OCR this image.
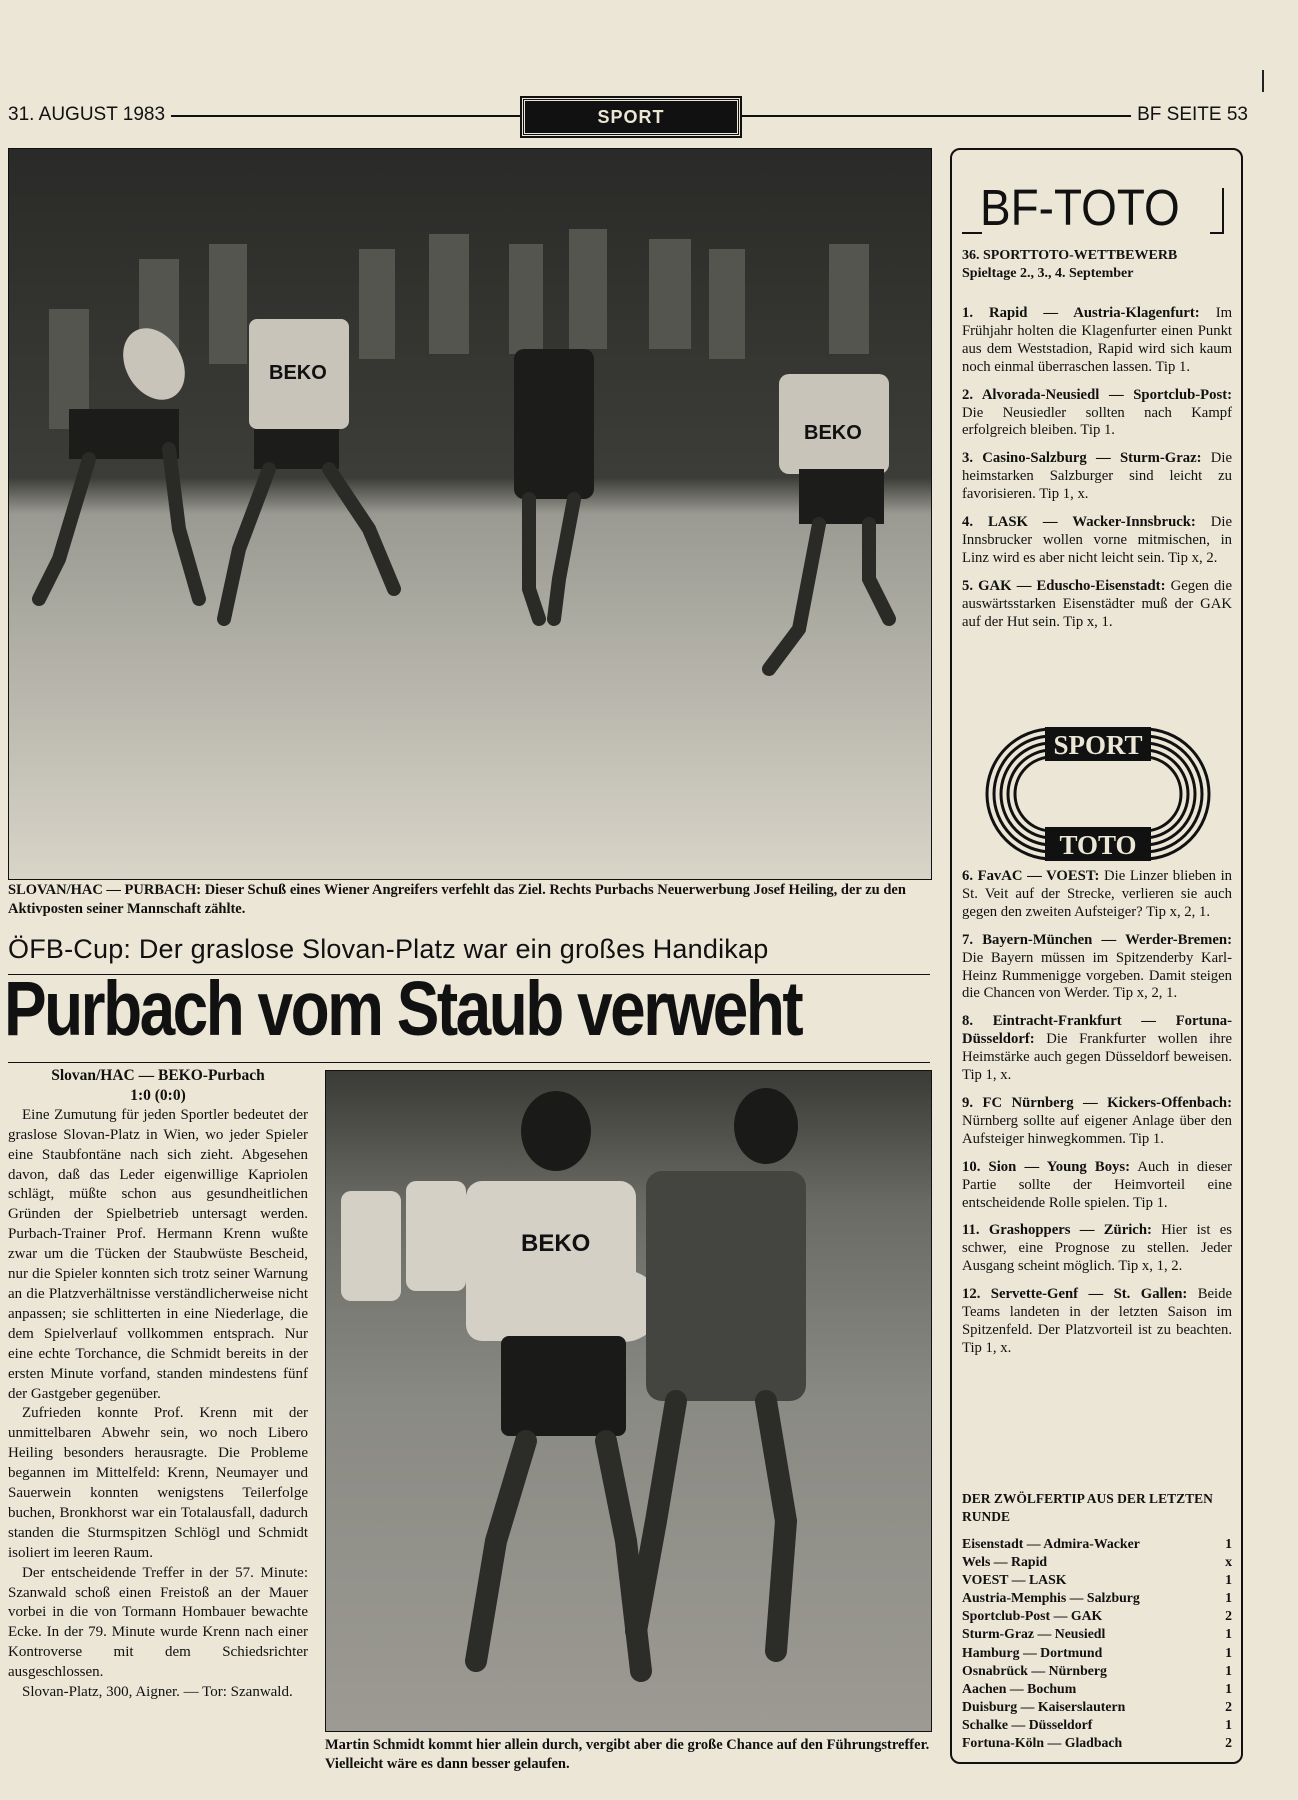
31. AUGUST 1983	SPORT	BF SEITE 53
BEKO
BEKO
SLOVAN/HAC — PURBACH: Dieser Schuß eines Wiener Angreifers verfehlt das Ziel. Rechts Purbachs Neuerwerbung Josef Heiling, der zu den Aktivposten seiner Mannschaft zählte.
ÖFB-Cup: Der graslose Slovan-Platz war ein großes Handikap
Purbach vom Staub verweht
Slovan/HAC — BEKO-Purbach
1:0 (0:0)

Eine Zumutung für jeden Sportler bedeutet der graslose Slovan-Platz in Wien, wo jeder Spieler eine Staubfontäne nach sich zieht. Abgesehen davon, daß das Leder eigenwillige Kapriolen schlägt, müßte schon aus gesundheitlichen Gründen der Spielbetrieb untersagt werden. Purbach-Trainer Prof. Hermann Krenn wußte zwar um die Tücken der Staubwüste Bescheid, nur die Spieler konnten sich trotz seiner Warnung an die Platzverhältnisse verständlicherweise nicht anpassen; sie schlitterten in eine Niederlage, die dem Spielverlauf vollkommen entsprach. Nur eine echte Torchance, die Schmidt bereits in der ersten Minute vorfand, standen mindestens fünf der Gastgeber gegenüber.

Zufrieden konnte Prof. Krenn mit der unmittelbaren Abwehr sein, wo noch Libero Heiling besonders herausragte. Die Probleme begannen im Mittelfeld: Krenn, Neumayer und Sauerwein konnten wenigstens Teilerfolge buchen, Bronkhorst war ein Totalausfall, dadurch standen die Sturmspitzen Schlögl und Schmidt isoliert im leeren Raum.

Der entscheidende Treffer in der 57. Minute: Szanwald schoß einen Freistoß an der Mauer vorbei in die von Tormann Hombauer bewachte Ecke. In der 79. Minute wurde Krenn nach einer Kontroverse mit dem Schiedsrichter ausgeschlossen.

Slovan-Platz, 300, Aigner. — Tor: Szanwald.

BEKO
Martin Schmidt kommt hier allein durch, vergibt aber die große Chance auf den Führungstreffer. Vielleicht wäre es dann besser gelaufen.
BF-TOTO
36. SPORTTOTO-WETTBEWERB
Spieltage 2., 3., 4. September

1. Rapid — Austria-Klagenfurt: Im Frühjahr holten die Klagenfurter einen Punkt aus dem Weststadion, Rapid wird sich kaum noch einmal überraschen lassen. Tip 1.

2. Alvorada-Neusiedl — Sportclub-Post: Die Neusiedler sollten nach Kampf erfolgreich bleiben. Tip 1.

3. Casino-Salzburg — Sturm-Graz: Die heimstarken Salzburger sind leicht zu favorisieren. Tip 1, x.

4. LASK — Wacker-Innsbruck: Die Innsbrucker wollen vorne mitmischen, in Linz wird es aber nicht leicht sein. Tip x, 2.

5. GAK — Eduscho-Eisenstadt: Gegen die auswärtsstarken Eisenstädter muß der GAK auf der Hut sein. Tip x, 1.

SPORT
TOTO

6. FavAC — VOEST: Die Linzer blieben in St. Veit auf der Strecke, verlieren sie auch gegen den zweiten Aufsteiger? Tip x, 2, 1.

7. Bayern-München — Werder-Bremen: Die Bayern müssen im Spitzenderby Karl-Heinz Rummenigge vorgeben. Damit steigen die Chancen von Werder. Tip x, 2, 1.

8. Eintracht-Frankfurt — Fortuna-Düsseldorf: Die Frankfurter wollen ihre Heimstärke auch gegen Düsseldorf beweisen. Tip 1, x.

9. FC Nürnberg — Kickers-Offenbach: Nürnberg sollte auf eigener Anlage über den Aufsteiger hinwegkommen. Tip 1.

10. Sion — Young Boys: Auch in dieser Partie sollte der Heimvorteil eine entscheidende Rolle spielen. Tip 1.

11. Grashoppers — Zürich: Hier ist es schwer, eine Prognose zu stellen. Jeder Ausgang scheint möglich. Tip x, 1, 2.

12. Servette-Genf — St. Gallen: Beide Teams landeten in der letzten Saison im Spitzenfeld. Der Platzvorteil ist zu beachten. Tip 1, x.

DER ZWÖLFERTIP AUS DER LETZTEN RUNDE
Eisenstadt — Admira-Wacker	1
Wels — Rapid	x
VOEST — LASK	1
Austria-Memphis — Salzburg	1
Sportclub-Post — GAK	2
Sturm-Graz — Neusiedl	1
Hamburg — Dortmund	1
Osnabrück — Nürnberg	1
Aachen — Bochum	1
Duisburg — Kaiserslautern	2
Schalke — Düsseldorf	1
Fortuna-Köln — Gladbach	2
